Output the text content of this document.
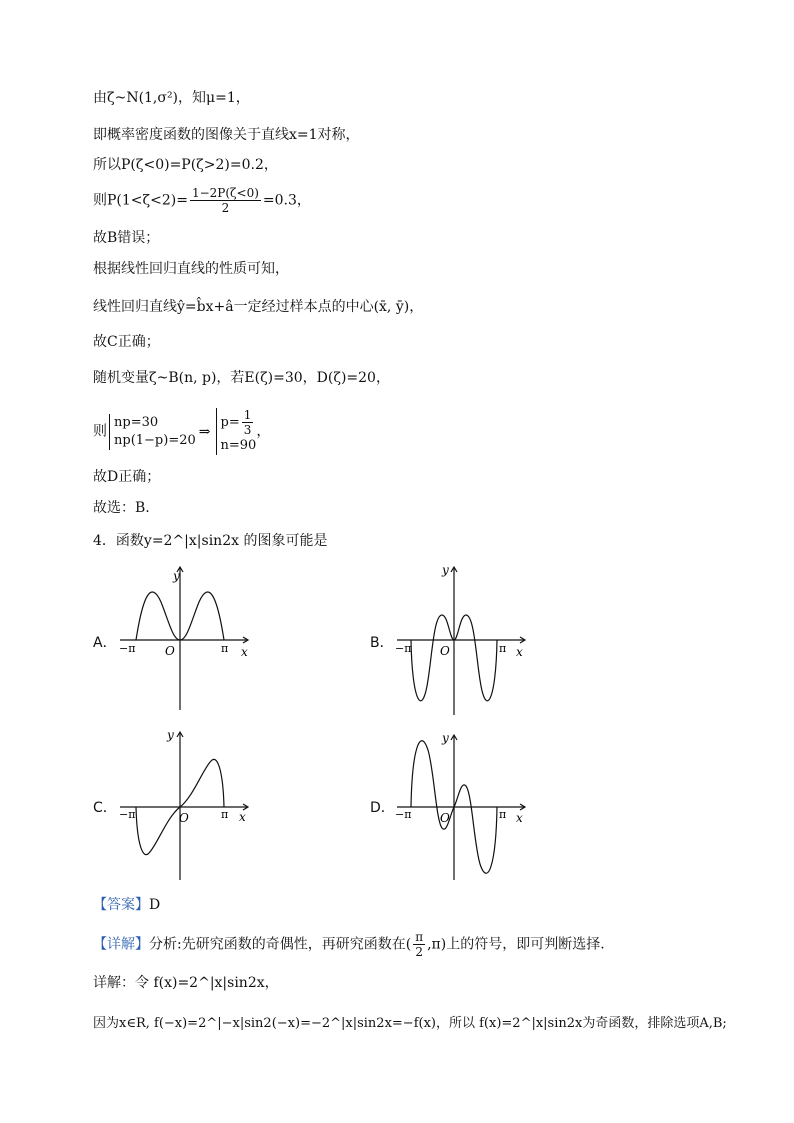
由ζ~N(1,σ²)，知μ=1，
即概率密度函数的图像关于直线x=1对称，
所以P(ζ<0)=P(ζ>2)=0.2，
则$P(1<\zeta<2)= \frac{1-2P(\zeta<0)}{2} =0.3$，
故B错误；
根据线性回归直线的性质可知，
线性回归直线ŷ=b̂x+â一定经过样本点的中心(x̄, ȳ)，
故C正确；
随机变量ζ~B(n, p)，若E(ζ)=30，D(ζ)=20，
则
np=30
np(1−p)=20
⇒
$p= \frac{1}{3}$
n=90
，
故D正确；
故选：B.
4．函数y=2^|x|sin2x 的图象可能是
A．
y
x
O
−π	π	B．
y
x
O
−π	π
C．
y
x
O
−π	π	D．
y
x
O
−π	π
【答案】D
【详解】分析:先研究函数的奇偶性，再研究函数在( $\frac{\pi}{2} ,\pi$)上的符号，即可判断选择.
详解：令 f(x)=2^|x|sin2x，
因为x∈R, f(−x)=2^|−x|sin2(−x)=−2^|x|sin2x=−f(x)，所以 f(x)=2^|x|sin2x为奇函数，排除选项A,B;
